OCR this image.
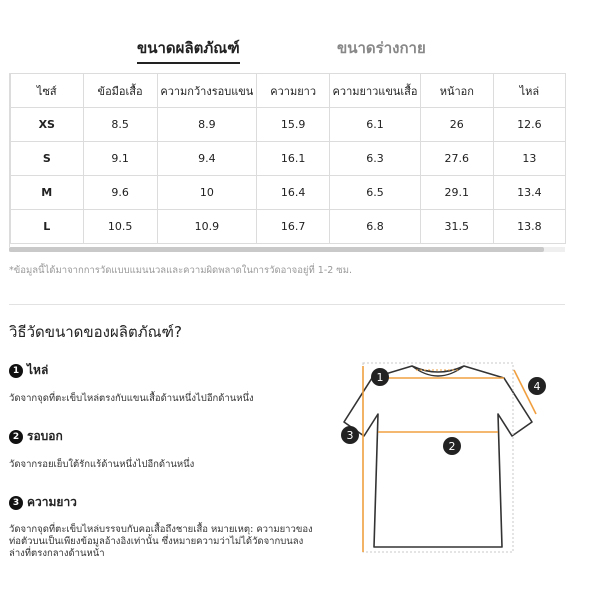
ขนาดผลิตภัณฑ์	ขนาดร่างกาย
ไซส์	ข้อมือเสื้อ	ความกว้างรอบแขน	ความยาว	ความยาวแขนเสื้อ	หน้าอก	ไหล่
XS	8.5	8.9	15.9	6.1	26	12.6
S	9.1	9.4	16.1	6.3	27.6	13
M	9.6	10	16.4	6.5	29.1	13.4
L	10.5	10.9	16.7	6.8	31.5	13.8
*ข้อมูลนี้ได้มาจากการวัดแบบแมนนวลและความผิดพลาดในการวัดอาจอยู่ที่ 1-2 ซม.
วิธีวัดขนาดของผลิตภัณฑ์?
1 ไหล่
วัดจากจุดที่ตะเข็บไหล่ตรงกับแขนเสื้อด้านหนึ่งไปอีกด้านหนึ่ง
2 รอบอก
วัดจากรอยเย็บใต้รักแร้ด้านหนึ่งไปอีกด้านหนึ่ง
3 ความยาว
วัดจากจุดที่ตะเข็บไหล่บรรจบกับคอเสื้อถึงชายเสื้อ หมายเหตุ: ความยาวของท่อตัวบนเป็นเพียงข้อมูลอ้างอิงเท่านั้น ซึ่งหมายความว่าไม่ได้วัดจากบนลงล่างที่ตรงกลางด้านหน้า
1
2
3
4
